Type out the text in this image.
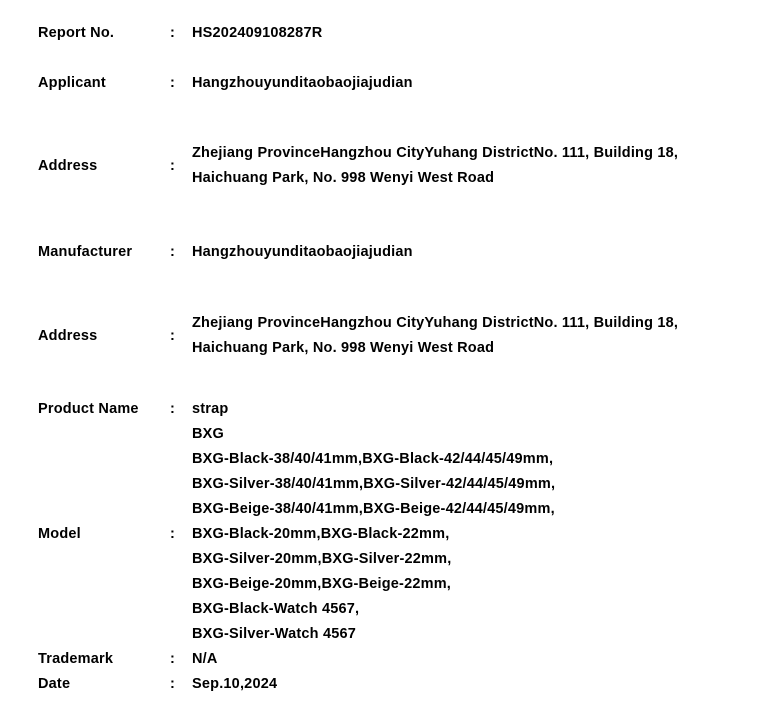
Report No.	:	HS202409108287R
Applicant	:	Hangzhouyunditaobaojiajudian
Address	:
Zhejiang ProvinceHangzhou CityYuhang DistrictNo. 111, Building 18,
Haichuang Park, No. 998 Wenyi West Road
Manufacturer	:	Hangzhouyunditaobaojiajudian
Address	:
Zhejiang ProvinceHangzhou CityYuhang DistrictNo. 111, Building 18,
Haichuang Park, No. 998 Wenyi West Road
Product Name	:	strap
Model	:
BXG
BXG-Black-38/40/41mm,BXG-Black-42/44/45/49mm,
BXG-Silver-38/40/41mm,BXG-Silver-42/44/45/49mm,
BXG-Beige-38/40/41mm,BXG-Beige-42/44/45/49mm,
BXG-Black-20mm,BXG-Black-22mm,
BXG-Silver-20mm,BXG-Silver-22mm,
BXG-Beige-20mm,BXG-Beige-22mm,
BXG-Black-Watch 4567,
BXG-Silver-Watch 4567
Trademark	:	N/A
Date	:	Sep.10,2024
